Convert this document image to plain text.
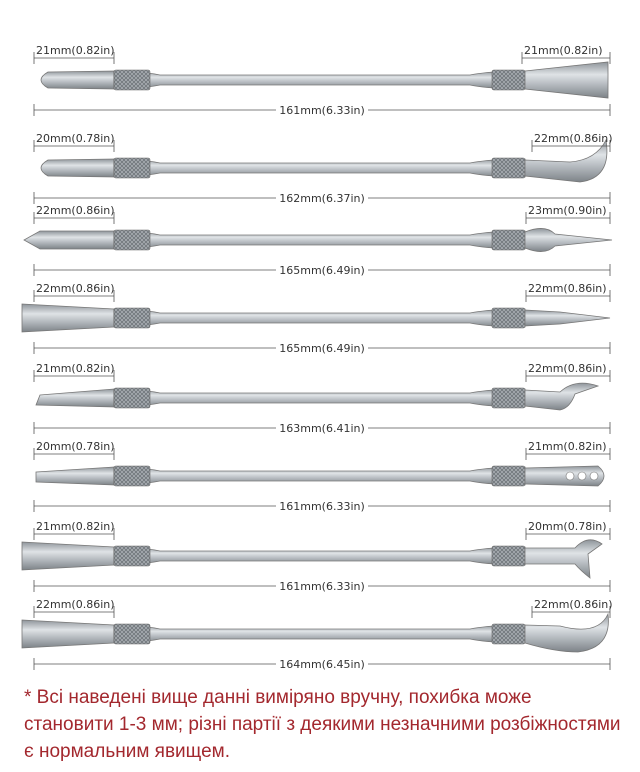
21mm(0.82in)	21mm(0.82in)
161mm(6.33in)
20mm(0.78in)	22mm(0.86in)
162mm(6.37in)
22mm(0.86in)	23mm(0.90in)
165mm(6.49in)
22mm(0.86in)	22mm(0.86in)
165mm(6.49in)
21mm(0.82in)	22mm(0.86in)
163mm(6.41in)
20mm(0.78in)	21mm(0.82in)
161mm(6.33in)
21mm(0.82in)	20mm(0.78in)
161mm(6.33in)
22mm(0.86in)	22mm(0.86in)
164mm(6.45in)
* Всі наведені вище данні виміряно вручну, похибка може становити 1-3 мм; різні партії з деякими незначними розбіжностями є нормальним явищем.
